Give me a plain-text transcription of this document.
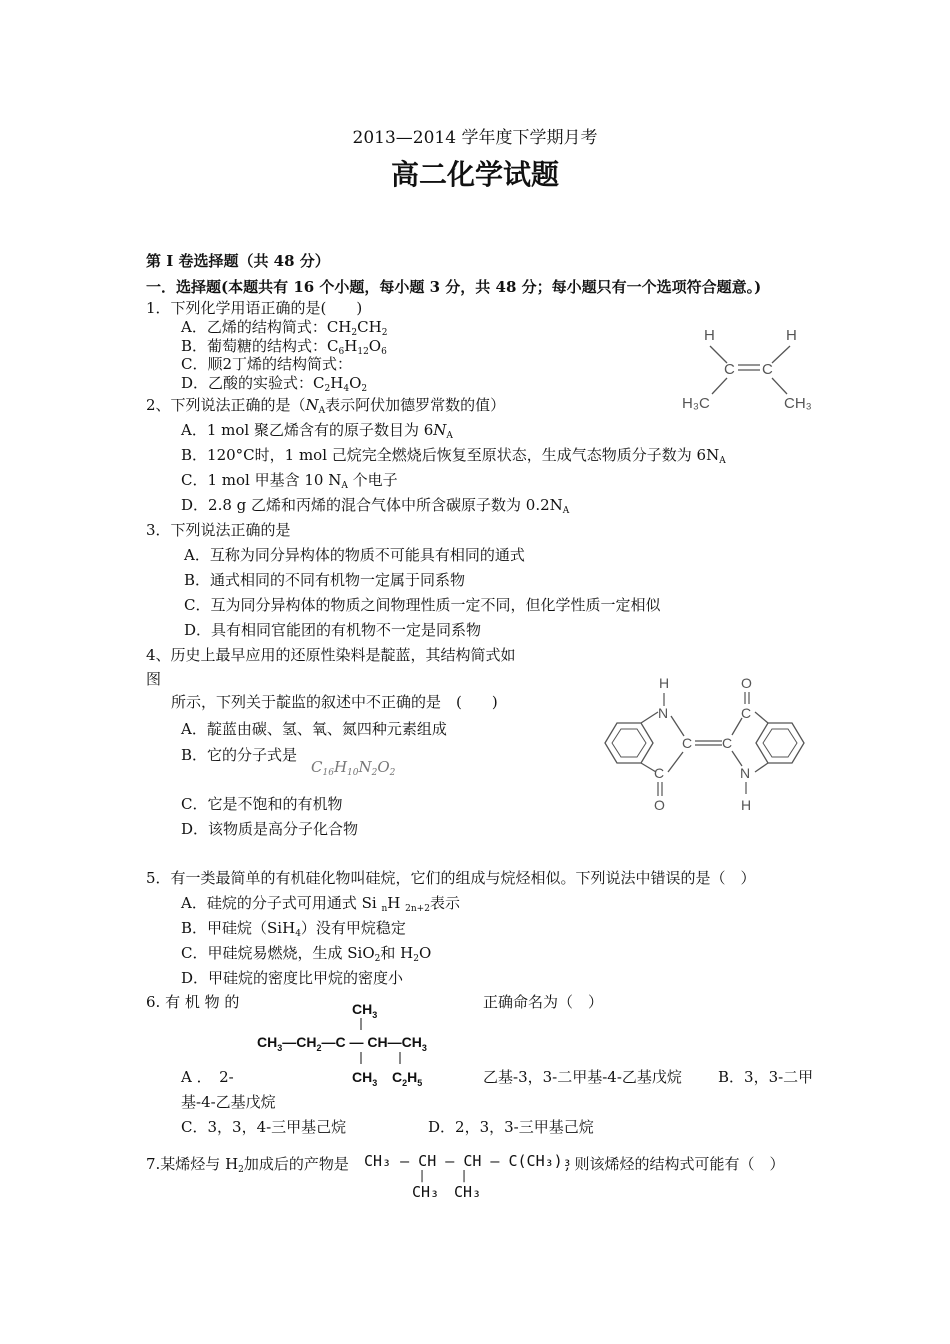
2013—2014 学年度下学期月考
高二化学试题
第 I 卷选择题（共 48 分）
一．选择题(本题共有 16 个小题，每小题 3 分，共 48 分；每小题只有一个选项符合题意。)
1．下列化学用语正确的是(　　)
A．乙烯的结构简式：$CH_2CH_2$
B．葡萄糖的结构式：$C_6H_{12}O_6$
C．顺2丁烯的结构简式：
D．乙酸的实验式：$C_2H_4O_2$
H	H
C C
H₃C	CH₃
2、下列说法正确的是（$N_A$表示阿伏加德罗常数的值）
A．1 mol 聚乙烯含有的原子数目为 $6N_A$
B．120°C时，1 mol 己烷完全燃烧后恢复至原状态，生成气态物质分子数为 $6N_A$
C．1 mol 甲基含 10 $N_A$ 个电子
D．2.8 g 乙烯和丙烯的混合气体中所含碳原子数为 $0.2N_A$
3．下列说法正确的是
A．互称为同分异构体的物质不可能具有相同的通式
B．通式相同的不同有机物一定属于同系物
C．互为同分异构体的物质之间物理性质一定不同，但化学性质一定相似
D．具有相同官能团的有机物不一定是同系物
4、历史上最早应用的还原性染料是靛蓝，其结构简式如
图
所示，下列关于靛监的叙述中不正确的是　(　　)
A．靛蓝由碳、氢、氧、氮四种元素组成
B．它的分子式是
$C_{16}H_{10}N_2O_2$
C．它是不饱和的有机物
D．该物质是高分子化合物
N
H
C
C
O
C
C
O
N
H
5．有一类最简单的有机硅化物叫硅烷，它们的组成与烷烃相似。下列说法中错误的是（　）
A．硅烷的分子式可用通式 Si $_n$H $_{2n+2}$表示
B．甲硅烷（SiH$_4$）没有甲烷稳定
C．甲硅烷易燃烧，生成 SiO$_2$和 $H_2O$
D．甲硅烷的密度比甲烷的密度小
6. 有 机 物 的	正确命名为（　）
$CH_3$
$CH_3—CH_2—C$ — $CH—CH_3$
$CH_3$ $C_2H_5$
A ．　2-	乙基-3，3-二甲基-4-乙基戊烷 B．3，3-二甲
基-4-乙基戊烷
C．3，3，4-三甲基己烷	D．2，3，3-三甲基己烷
7.某烯烃与 $H_2$加成后的产物是 CH₃ — CH — CH — C(CH₃)₃
, 则该烯烃的结构式可能有（　）
|	|
CH₃ CH₃
